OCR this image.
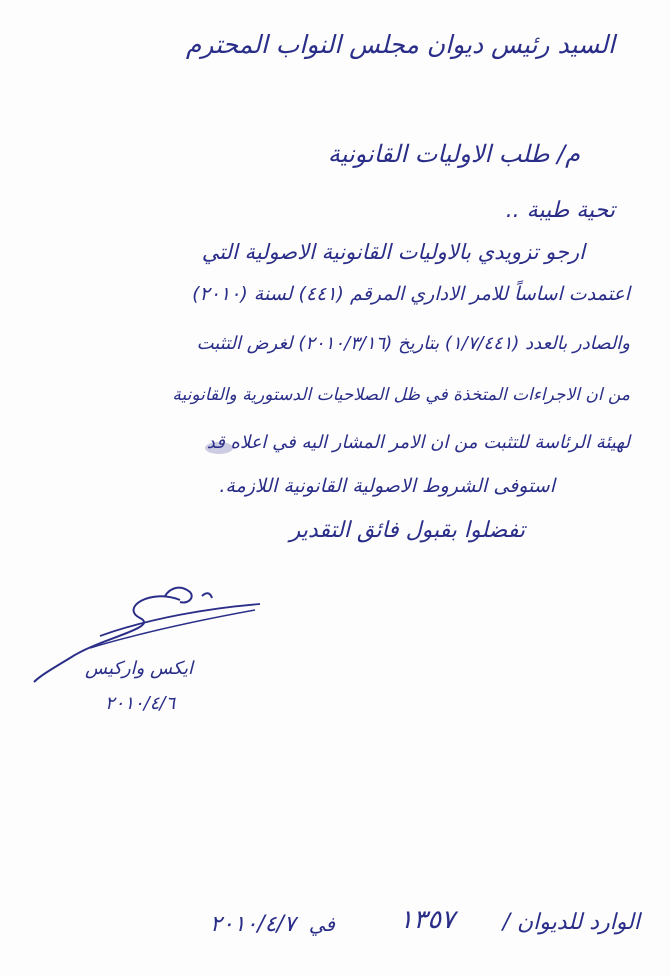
السيد رئيس ديوان مجلس النواب المحترم
م/ طلب الاوليات القانونية
تحية طيبة ..
ارجو تزويدي بالاوليات القانونية الاصولية التي
اعتمدت اساساً للامر الاداري المرقم (٤٤١) لسنة (٢٠١٠)
والصادر بالعدد (١/٧/٤٤١) بتاريخ (٢٠١٠/٣/١٦) لغرض التثبت
من ان الاجراءات المتخذة في ظل الصلاحيات الدستورية والقانونية
لهيئة الرئاسة للتثبت من ان الامر المشار اليه في اعلاه قد
استوفى الشروط الاصولية القانونية اللازمة.
تفضلوا بقبول فائق التقدير
ايكس واركيس
٢٠١٠/٤/٦
الوارد للديوان /
١٣٥٧
في
٢٠١٠/٤/٧
